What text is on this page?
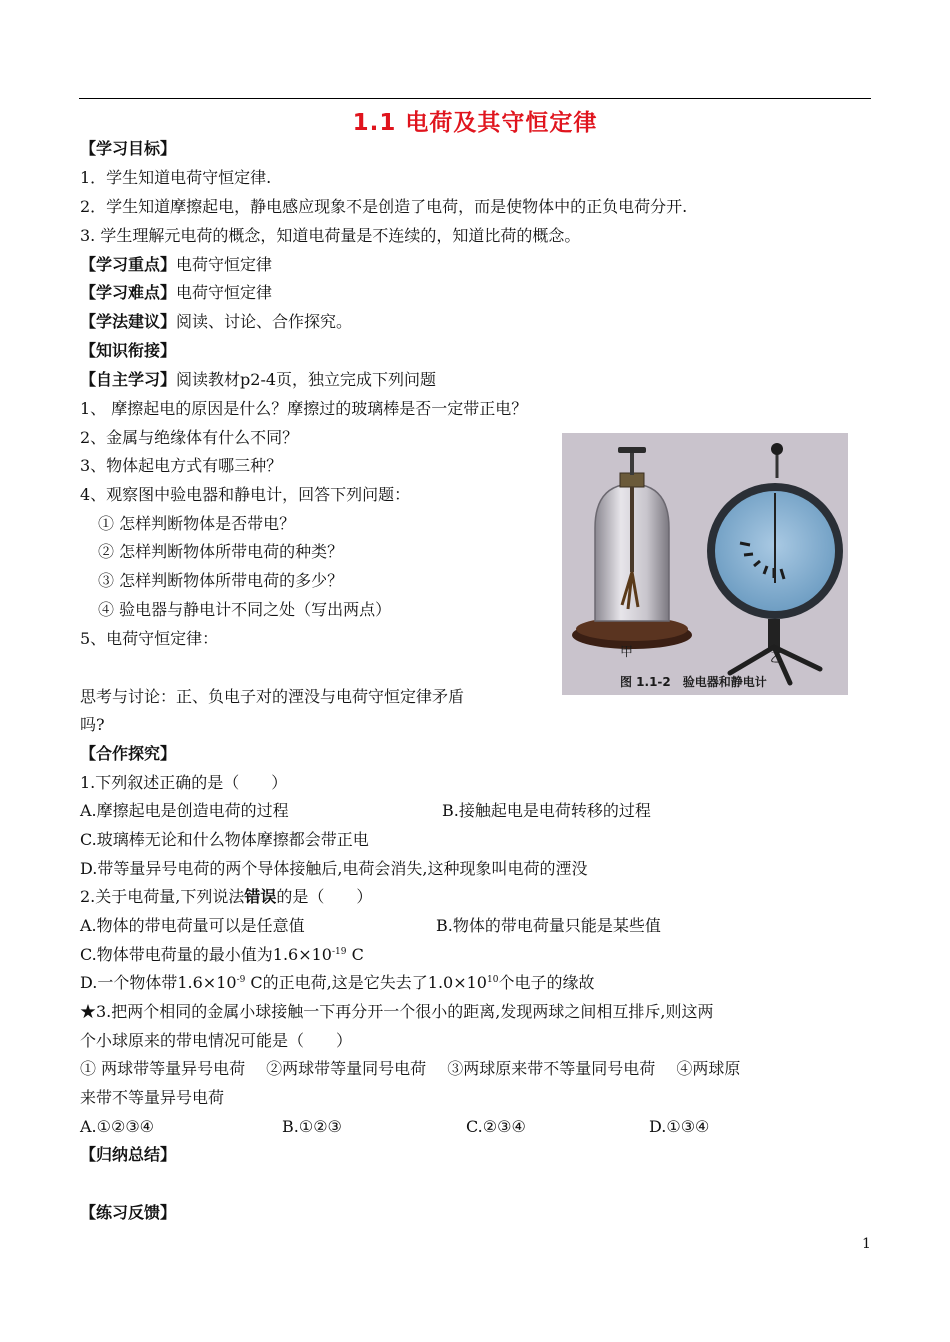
1.1 电荷及其守恒定律
【学习目标】
1．学生知道电荷守恒定律.
2．学生知道摩擦起电，静电感应现象不是创造了电荷，而是使物体中的正负电荷分开.
3. 学生理解元电荷的概念，知道电荷量是不连续的，知道比荷的概念。
【学习重点】电荷守恒定律
【学习难点】电荷守恒定律
【学法建议】阅读、讨论、合作探究。
【知识衔接】
【自主学习】阅读教材p2-4页，独立完成下列问题
1、 摩擦起电的原因是什么？摩擦过的玻璃棒是否一定带正电？
2、金属与绝缘体有什么不同？
3、物体起电方式有哪三种？
4、观察图中验电器和静电计，回答下列问题：
① 怎样判断物体是否带电？
② 怎样判断物体所带电荷的种类？
③ 怎样判断物体所带电荷的多少？
④ 验电器与静电计不同之处（写出两点）
5、电荷守恒定律：
思考与讨论：正、负电子对的湮没与电荷守恒定律矛盾
吗?
甲	乙
图 1.1-2　验电器和静电计
【合作探究】
1.下列叙述正确的是（　　）
A.摩擦起电是创造电荷的过程	B.接触起电是电荷转移的过程
C.玻璃棒无论和什么物体摩擦都会带正电
D.带等量异号电荷的两个导体接触后,电荷会消失,这种现象叫电荷的湮没
2.关于电荷量,下列说法错误的是（　　）
A.物体的带电荷量可以是任意值	B.物体的带电荷量只能是某些值
C.物体带电荷量的最小值为$1.6\times 10^{-19}$ C
D.一个物体带$1.6\times 10^{-9}$ C的正电荷,这是它失去了$1.0\times 10^{10}$个电子的缘故
★3.把两个相同的金属小球接触一下再分开一个很小的距离,发现两球之间相互排斥,则这两
个小球原来的带电情况可能是（　　）
① 两球带等量异号电荷　 ②两球带等量同号电荷　 ③两球原来带不等量同号电荷　 ④两球原
来带不等量异号电荷
A.①②③④	B.①②③	C.②③④	D.①③④
【归纳总结】
【练习反馈】
1
